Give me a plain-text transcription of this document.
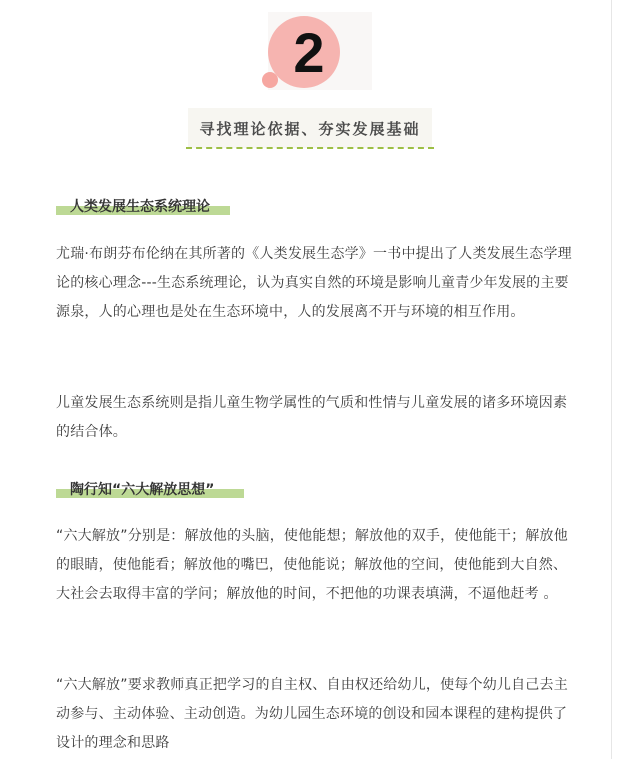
2
寻找理论依据、夯实发展基础
人类发展生态系统理论
尤瑞·布朗芬布伦纳在其所著的《人类发展生态学》一书中提出了人类发展生态学理论的核心理念---生态系统理论，认为真实自然的环境是影响儿童青少年发展的主要源泉，人的心理也是处在生态环境中，人的发展离不开与环境的相互作用。
儿童发展生态系统则是指儿童生物学属性的气质和性情与儿童发展的诸多环境因素的结合体。
陶行知“六大解放思想”
“六大解放”分别是：解放他的头脑，使他能想；解放他的双手，使他能干；解放他的眼睛，使他能看；解放他的嘴巴，使他能说；解放他的空间，使他能到大自然、大社会去取得丰富的学问；解放他的时间，不把他的功课表填满，不逼他赶考 。
“六大解放”要求教师真正把学习的自主权、自由权还给幼儿，使每个幼儿自己去主动参与、主动体验、主动创造。为幼儿园生态环境的创设和园本课程的建构提供了设计的理念和思路
